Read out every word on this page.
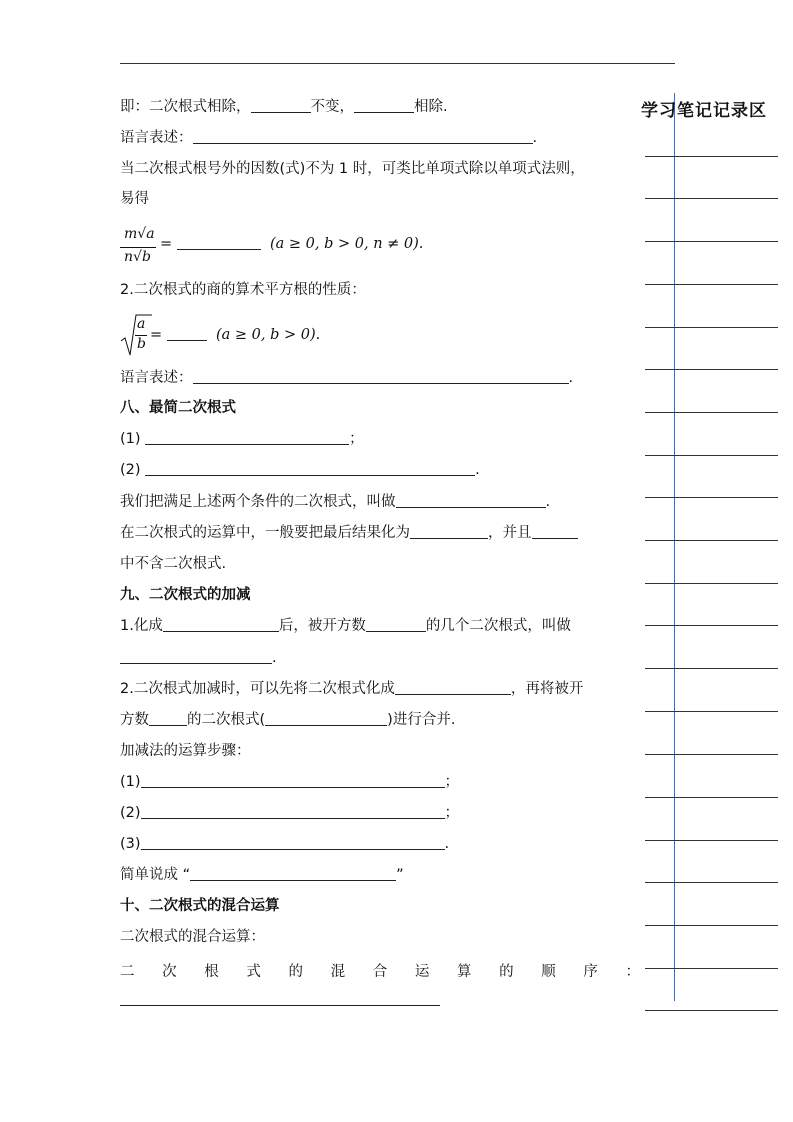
学习笔记记录区
即：二次根式相除，	不变，	相除.
语言表述：	.
当二次根式根号外的因数(式)不为 1 时，可类比单项式除以单项式法则，
易得
m√a
n√b
=	(a ≥ 0, b > 0, n ≠ 0).
2.二次根式的商的算术平方根的性质：
a
b
=	(a ≥ 0, b > 0).
语言表述：	.
八、最简二次根式
(1)	；
(2)	.
我们把满足上述两个条件的二次根式，叫做	.
在二次根式的运算中，一般要把最后结果化为	，并且
中不含二次根式.
九、二次根式的加减
1.化成	后，被开方数	的几个二次根式，叫做
.
2.二次根式加减时，可以先将二次根式化成	，再将被开
方数	的二次根式(	)进行合并.
加减法的运算步骤：
(1)	；
(2)	；
(3)	.
简单说成 “	”
十、二次根式的混合运算
二次根式的混合运算：
二 次 根 式 的 混 合 运 算 的 顺 序 ：
